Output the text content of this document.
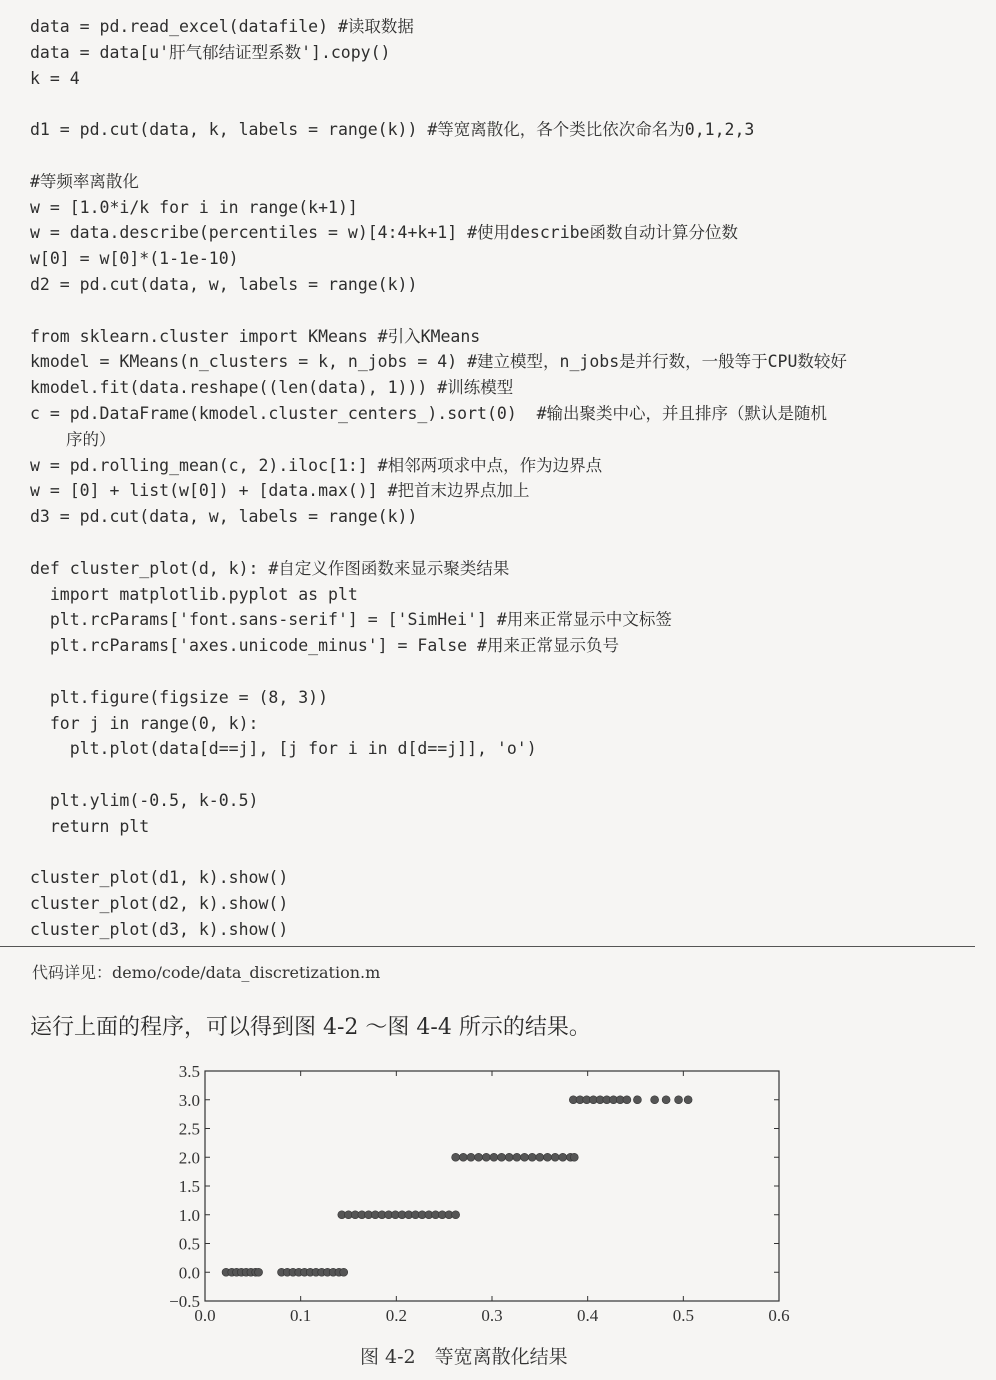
data = pd.read_excel(datafile) #读取数据
data = data[u'肝气郁结证型系数'].copy()
k = 4
d1 = pd.cut(data, k, labels = range(k)) #等宽离散化，各个类比依次命名为0,1,2,3
#等频率离散化
w = [1.0*i/k for i in range(k+1)]
w = data.describe(percentiles = w)[4:4+k+1] #使用describe函数自动计算分位数
w[0] = w[0]*(1-1e-10)
d2 = pd.cut(data, w, labels = range(k))
from sklearn.cluster import KMeans #引入KMeans
kmodel = KMeans(n_clusters = k, n_jobs = 4) #建立模型，n_jobs是并行数，一般等于CPU数较好
kmodel.fit(data.reshape((len(data), 1))) #训练模型
c = pd.DataFrame(kmodel.cluster_centers_).sort(0)  #输出聚类中心，并且排序（默认是随机
序的）
w = pd.rolling_mean(c, 2).iloc[1:] #相邻两项求中点，作为边界点
w = [0] + list(w[0]) + [data.max()] #把首末边界点加上
d3 = pd.cut(data, w, labels = range(k))
def cluster_plot(d, k): #自定义作图函数来显示聚类结果
import matplotlib.pyplot as plt
plt.rcParams['font.sans-serif'] = ['SimHei'] #用来正常显示中文标签
plt.rcParams['axes.unicode_minus'] = False #用来正常显示负号
plt.figure(figsize = (8, 3))
for j in range(0, k):
plt.plot(data[d==j], [j for i in d[d==j]], 'o')
plt.ylim(-0.5, k-0.5)
return plt
cluster_plot(d1, k).show()
cluster_plot(d2, k).show()
cluster_plot(d3, k).show()
代码详见：demo/code/data_discretization.m
运行上面的程序，可以得到图 4-2 ～图 4-4 所示的结果。
0.0	0.1	0.2	0.3	0.4	0.5	0.6
−0.5
0.0
0.5
1.0
1.5
2.0
2.5
3.0
3.5
图 4-2　等宽离散化结果
